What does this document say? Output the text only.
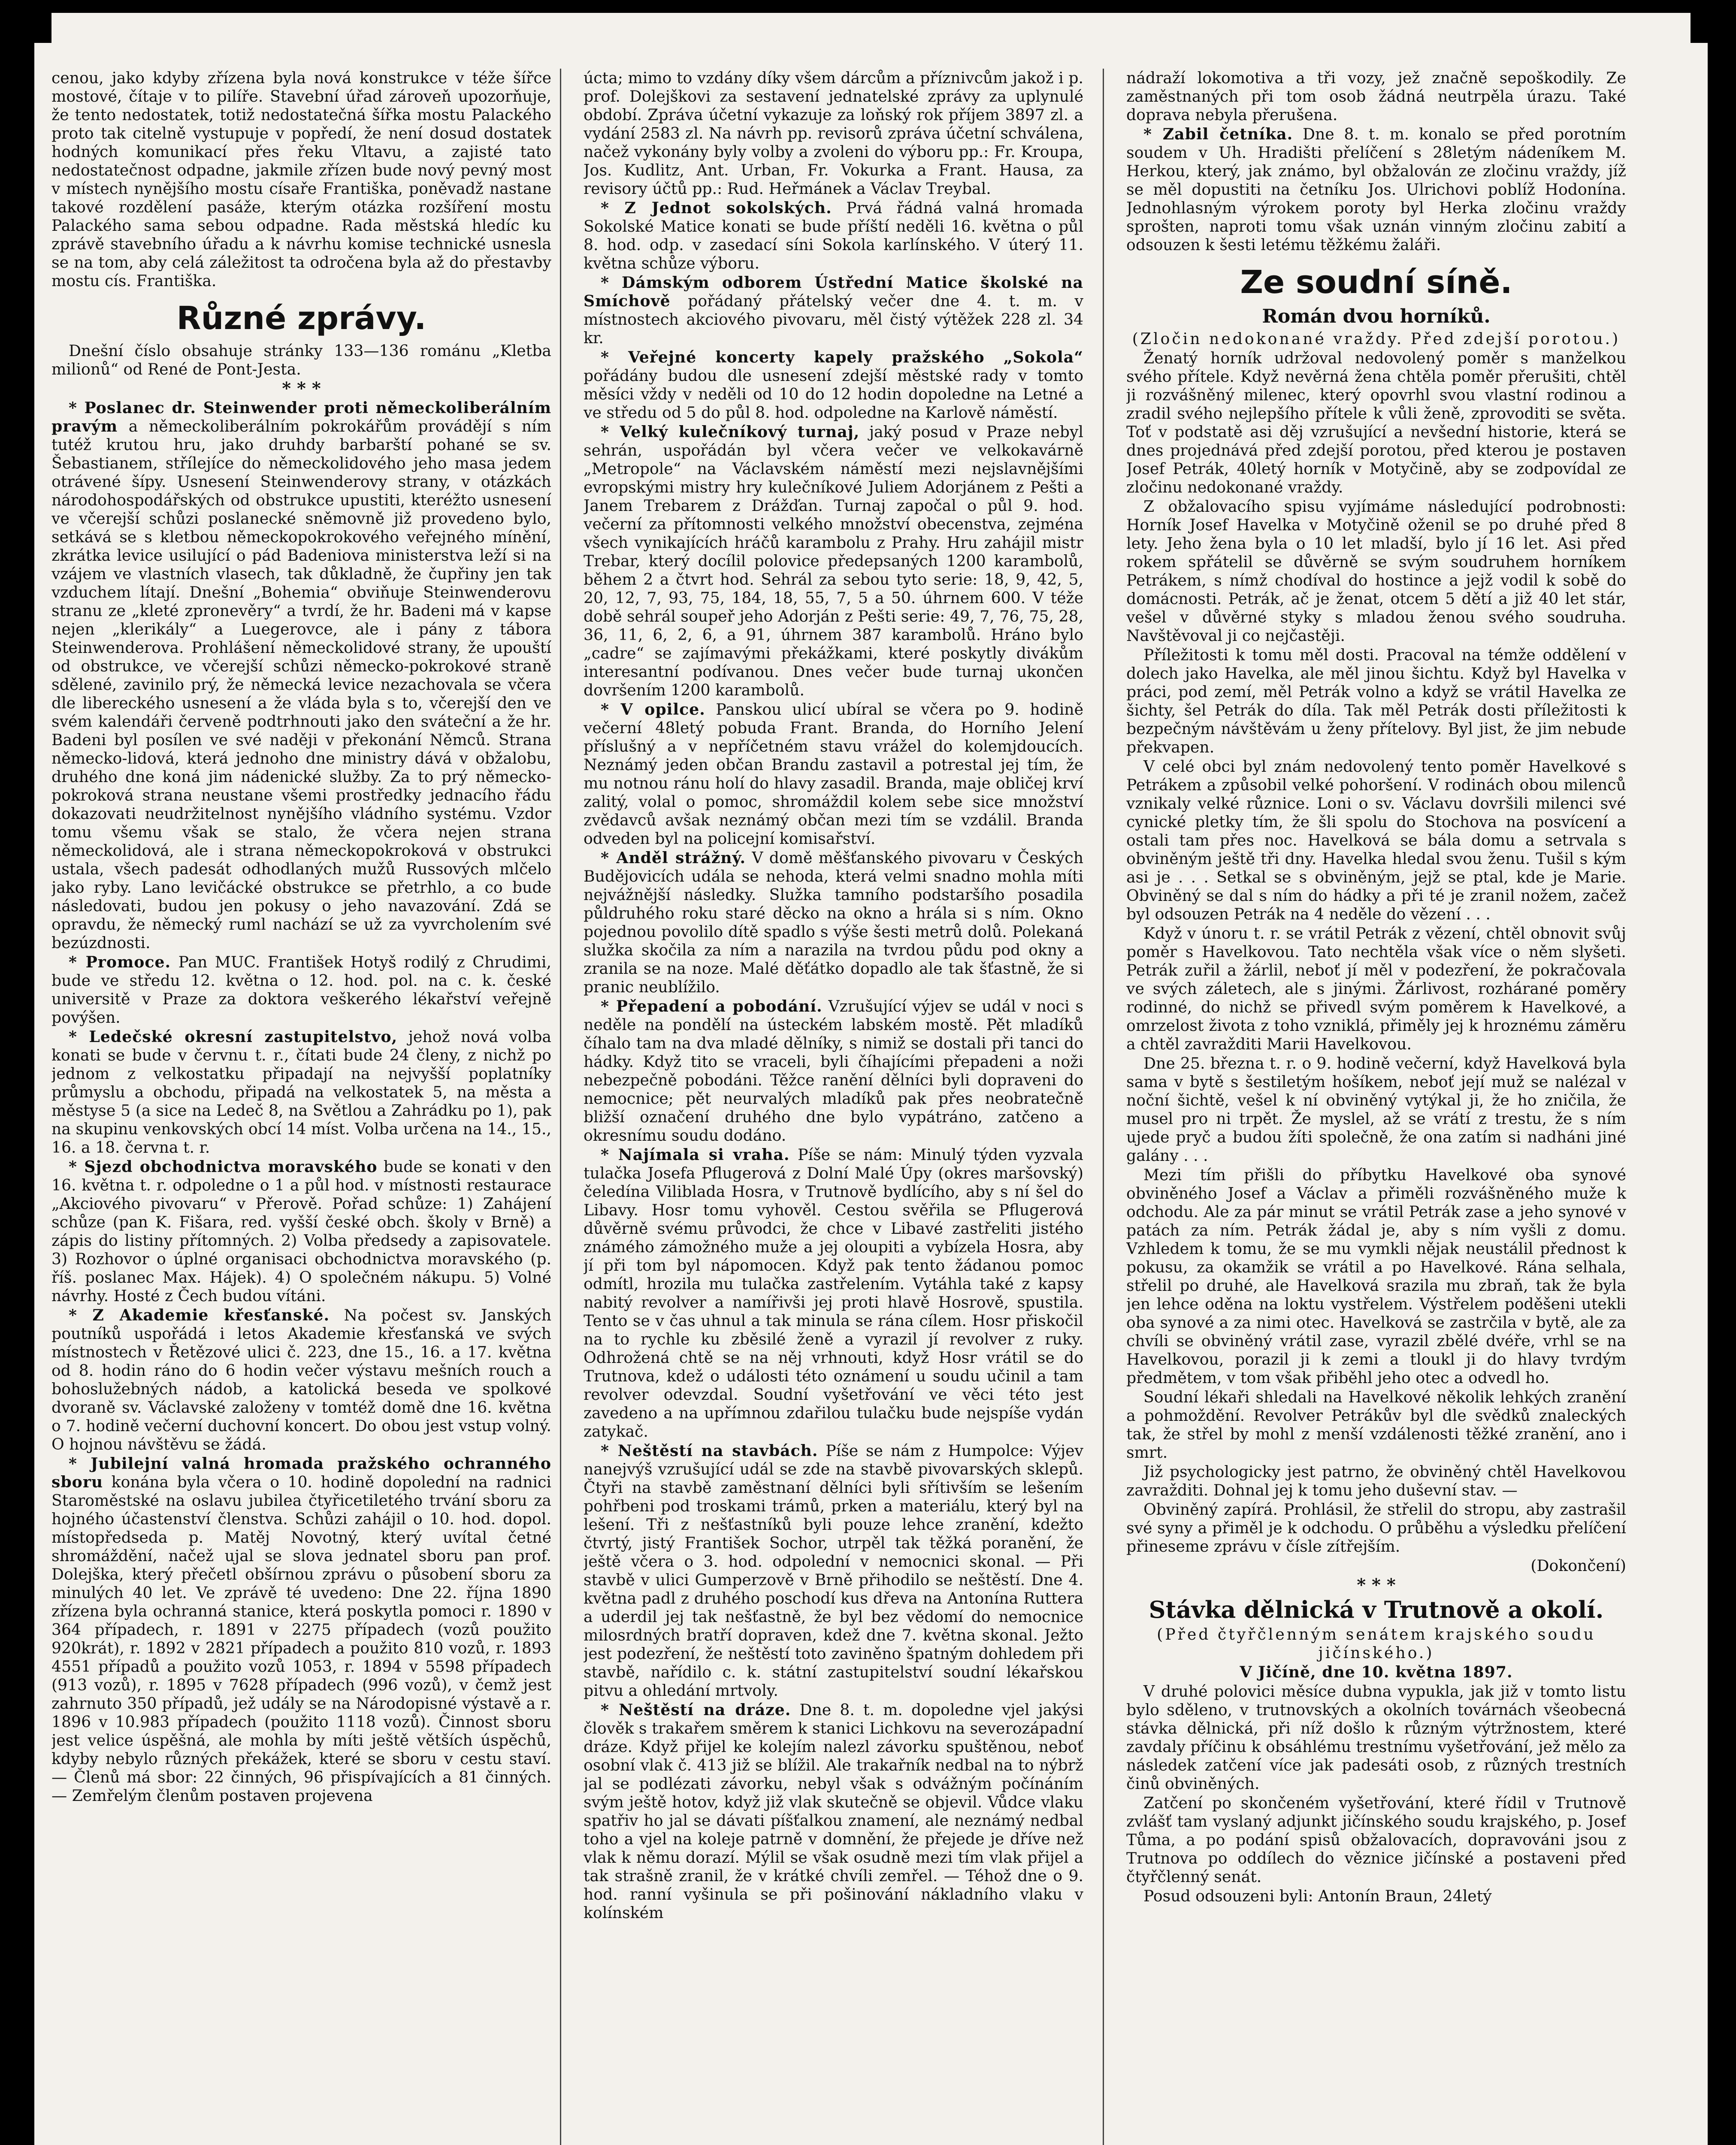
cenou, jako kdyby zřízena byla nová konstrukce v téže šířce mostové, čítaje v to pilíře. Stavební úřad zároveň upozorňuje, že tento nedostatek, totiž nedostatečná šířka mostu Palackého proto tak citelně vystupuje v popředí, že není dosud dostatek hodných komunikací přes řeku Vltavu, a zajisté tato nedostatečnost odpadne, jakmile zřízen bude nový pevný most v místech nynějšího mostu císaře Františka, poněvadž nastane takové rozdělení pasáže, kterým otázka rozšíření mostu Palackého sama sebou odpadne. Rada městská hledíc ku zprávě stavebního úřadu a k návrhu komise technické usnesla se na tom, aby celá záležitost ta odročena byla až do přestavby mostu cís. Františka.

Různé zprávy.

Dnešní číslo obsahuje stránky 133—136 románu „Kletba milionů“ od René de Pont-Jesta.

* * *

* Poslanec dr. Steinwender proti německoliberálním pravým a německoliberálním pokrokářům provádějí s ním tutéž krutou hru, jako druhdy barbarští pohané se sv. Šebastianem, střílejíce do německolidového jeho masa jedem otrávené šípy. Usnesení Steinwenderovy strany, v otázkách národohospodářských od obstrukce upustiti, kteréžto usnesení ve včerejší schůzi poslanecké sněmovně již provedeno bylo, setkává se s kletbou německopokrokového veřejného mínění, zkrátka levice usilující o pád Badeniova ministerstva leží si na vzájem ve vlastních vlasech, tak důkladně, že čupřiny jen tak vzduchem lítají. Dnešní „Bohemia“ obviňuje Steinwenderovu stranu ze „kleté zpronevěry“ a tvrdí, že hr. Badeni má v kapse nejen „klerikály“ a Luegerovce, ale i pány z tábora Steinwenderova. Prohlášení německolidové strany, že upouští od obstrukce, ve včerejší schůzi německo-pokrokové straně sdělené, zavinilo prý, že německá levice nezachovala se včera dle libereckého usnesení a že vláda byla s to, včerejší den ve svém kalendáři červeně podtrhnouti jako den sváteční a že hr. Badeni byl posílen ve své naději v překonání Němců. Strana německo-lidová, která jednoho dne ministry dává v obžalobu, druhého dne koná jim nádenické služby. Za to prý německo-pokroková strana neustane všemi prostředky jednacího řádu dokazovati neudržitelnost nynějšího vládního systému. Vzdor tomu všemu však se stalo, že včera nejen strana německolidová, ale i strana německopokroková v obstrukci ustala, všech padesát odhodlaných mužů Russových mlčelo jako ryby. Lano levičácké obstrukce se přetrhlo, a co bude následovati, budou jen pokusy o jeho navazování. Zdá se opravdu, že německý ruml nachází se už za vyvrcholením své bezúzdnosti.

* Promoce. Pan MUC. František Hotyš rodilý z Chrudimi, bude ve středu 12. května o 12. hod. pol. na c. k. české universitě v Praze za doktora veškerého lékařství veřejně povýšen.

* Ledečské okresní zastupitelstvo, jehož nová volba konati se bude v červnu t. r., čítati bude 24 členy, z nichž po jednom z velkostatku připadají na nejvyšší poplatníky průmyslu a obchodu, připadá na velkostatek 5, na města a městyse 5 (a sice na Ledeč 8, na Světlou a Zahrádku po 1), pak na skupinu venkovských obcí 14 míst. Volba určena na 14., 15., 16. a 18. června t. r.

* Sjezd obchodnictva moravského bude se konati v den 16. května t. r. odpoledne o 1 a půl hod. v místnosti restaurace „Akciového pivovaru“ v Přerově. Pořad schůze: 1) Zahájení schůze (pan K. Fišara, red. vyšší české obch. školy v Brně) a zápis do listiny přítomných. 2) Volba předsedy a zapisovatele. 3) Rozhovor o úplné organisaci obchodnictva moravského (p. říš. poslanec Max. Hájek). 4) O společném nákupu. 5) Volné návrhy. Hosté z Čech budou vítáni.

* Z Akademie křesťanské. Na počest sv. Janských poutníků uspořádá i letos Akademie křesťanská ve svých místnostech v Řetězové ulici č. 223, dne 15., 16. a 17. května od 8. hodin ráno do 6 hodin večer výstavu mešních rouch a bohoslužebných nádob, a katolická beseda ve spolkové dvoraně sv. Václavské založeny v tomtéž domě dne 16. května o 7. hodině večerní duchovní koncert. Do obou jest vstup volný. O hojnou návštěvu se žádá.

* Jubilejní valná hromada pražského ochranného sboru konána byla včera o 10. hodině dopolední na radnici Staroměstské na oslavu jubilea čtyřicetiletého trvání sboru za hojného účastenství členstva. Schůzi zahájil o 10. hod. dopol. místopředseda p. Matěj Novotný, který uvítal četné shromáždění, načež ujal se slova jednatel sboru pan prof. Dolejška, který přečetl obšírnou zprávu o působení sboru za minulých 40 let. Ve zprávě té uvedeno: Dne 22. října 1890 zřízena byla ochranná stanice, která poskytla pomoci r. 1890 v 364 případech, r. 1891 v 2275 případech (vozů použito 920krát), r. 1892 v 2821 případech a použito 810 vozů, r. 1893 4551 případů a použito vozů 1053, r. 1894 v 5598 případech (913 vozů), r. 1895 v 7628 případech (996 vozů), v čemž jest zahrnuto 350 případů, jež udály se na Národopisné výstavě a r. 1896 v 10.983 případech (použito 1118 vozů). Činnost sboru jest velice úspěšná, ale mohla by míti ještě větších úspěchů, kdyby nebylo různých překážek, které se sboru v cestu staví. — Členů má sbor: 22 činných, 96 přispívajících a 81 činných. — Zemřelým členům postaven projevena

úcta; mimo to vzdány díky všem dárcům a příznivcům jakož i p. prof. Dolejškovi za sestavení jednatelské zprávy za uplynulé období. Zpráva účetní vykazuje za loňský rok příjem 3897 zl. a vydání 2583 zl. Na návrh pp. revisorů zpráva účetní schválena, načež vykonány byly volby a zvoleni do výboru pp.: Fr. Kroupa, Jos. Kudlitz, Ant. Urban, Fr. Vokurka a Frant. Hausa, za revisory účtů pp.: Rud. Heřmánek a Václav Treybal.

* Z Jednot sokolských. Prvá řádná valná hromada Sokolské Matice konati se bude příští neděli 16. května o půl 8. hod. odp. v zasedací síni Sokola karlínského. V úterý 11. května schůze výboru.

* Dámským odborem Ústřední Matice školské na Smíchově pořádaný přátelský večer dne 4. t. m. v místnostech akciového pivovaru, měl čistý výtěžek 228 zl. 34 kr.

* Veřejné koncerty kapely pražského „Sokola“ pořádány budou dle usnesení zdejší městské rady v tomto měsíci vždy v neděli od 10 do 12 hodin dopoledne na Letné a ve středu od 5 do půl 8. hod. odpoledne na Karlově náměstí.

* Velký kulečníkový turnaj, jaký posud v Praze nebyl sehrán, uspořádán byl včera večer ve velkokavárně „Metropole“ na Václavském náměstí mezi nejslavnějšími evropskými mistry hry kulečníkové Juliem Adorjánem z Pešti a Janem Trebarem z Drážďan. Turnaj započal o půl 9. hod. večerní za přítomnosti velkého množství obecenstva, zejména všech vynikajících hráčů karambolu z Prahy. Hru zahájil mistr Trebar, který docílil polovice předepsaných 1200 karambolů, během 2 a čtvrt hod. Sehrál za sebou tyto serie: 18, 9, 42, 5, 20, 12, 7, 93, 75, 184, 18, 55, 7, 5 a 50. úhrnem 600. V téže době sehrál soupeř jeho Adorján z Pešti serie: 49, 7, 76, 75, 28, 36, 11, 6, 2, 6, a 91, úhrnem 387 karambolů. Hráno bylo „cadre“ se zajímavými překážkami, které poskytly divákům interesantní podívanou. Dnes večer bude turnaj ukončen dovršením 1200 karambolů.

* V opilce. Panskou ulicí ubíral se včera po 9. hodině večerní 48letý pobuda Frant. Branda, do Horního Jelení příslušný a v nepříčetném stavu vrážel do kolemjdoucích. Neznámý jeden občan Brandu zastavil a potrestal jej tím, že mu notnou ránu holí do hlavy zasadil. Branda, maje obličej krví zalitý, volal o pomoc, shromáždil kolem sebe sice množství zvědavců avšak neznámý občan mezi tím se vzdálil. Branda odveden byl na policejní komisařství.

* Anděl strážný. V domě měšťanského pivovaru v Českých Budějovicích udála se nehoda, která velmi snadno mohla míti nejvážnější následky. Služka tamního podstaršího posadila půldruhého roku staré děcko na okno a hrála si s ním. Okno pojednou povolilo dítě spadlo s výše šesti metrů dolů. Polekaná služka skočila za ním a narazila na tvrdou půdu pod okny a zranila se na noze. Malé děťátko dopadlo ale tak šťastně, že si pranic neublížilo.

* Přepadení a pobodání. Vzrušující výjev se udál v noci s neděle na pondělí na ústeckém labském mostě. Pět mladíků číhalo tam na dva mladé dělníky, s nimiž se dostali při tanci do hádky. Když tito se vraceli, byli číhajícími přepadeni a noži nebezpečně pobodáni. Těžce ranění dělníci byli dopraveni do nemocnice; pět neurvalých mladíků pak přes neobratečně bližší označení druhého dne bylo vypátráno, zatčeno a okresnímu soudu dodáno.

* Najímala si vraha. Píše se nám: Minulý týden vyzvala tulačka Josefa Pflugerová z Dolní Malé Úpy (okres maršovský) čeledína Viliblada Hosra, v Trutnově bydlícího, aby s ní šel do Libavy. Hosr tomu vyhověl. Cestou svěřila se Pflugerová důvěrně svému průvodci, že chce v Libavé zastřeliti jistého známého zámožného muže a jej oloupiti a vybízela Hosra, aby jí při tom byl nápomocen. Když pak tento žádanou pomoc odmítl, hrozila mu tulačka zastřelením. Vytáhla také z kapsy nabitý revolver a namířivši jej proti hlavě Hosrově, spustila. Tento se v čas uhnul a tak minula se rána cílem. Hosr přiskočil na to rychle ku zběsilé ženě a vyrazil jí revolver z ruky. Odhrožená chtě se na něj vrhnouti, když Hosr vrátil se do Trutnova, kdež o události této oznámení u soudu učinil a tam revolver odevzdal. Soudní vyšetřování ve věci této jest zavedeno a na upřímnou zdařilou tulačku bude nejspíše vydán zatykač.

* Neštěstí na stavbách. Píše se nám z Humpolce: Výjev nanejvýš vzrušující udál se zde na stavbě pivovarských sklepů. Čtyři na stavbě zaměstnaní dělníci byli sřítivším se lešením pohřbeni pod troskami trámů, prken a materiálu, který byl na lešení. Tři z nešťastníků byli pouze lehce zranění, kdežto čtvrtý, jistý František Sochor, utrpěl tak těžká poranění, že ještě včera o 3. hod. odpolední v nemocnici skonal. — Při stavbě v ulici Gumperzově v Brně přihodilo se neštěstí. Dne 4. května padl z druhého poschodí kus dřeva na Antonína Ruttera a uderdil jej tak nešťastně, že byl bez vědomí do nemocnice milosrdných bratří dopraven, kdež dne 7. května skonal. Ježto jest podezření, že neštěstí toto zaviněno špatným dohledem při stavbě, nařídilo c. k. státní zastupitelství soudní lékařskou pitvu a ohledání mrtvoly.

* Neštěstí na dráze. Dne 8. t. m. dopoledne vjel jakýsi člověk s trakařem směrem k stanici Lichkovu na severozápadní dráze. Když přijel ke kolejím nalezl závorku spuštěnou, neboť osobní vlak č. 413 již se blížil. Ale trakařník nedbal na to nýbrž jal se podlézati závorku, nebyl však s odvážným počínáním svým ještě hotov, když již vlak skutečně se objevil. Vůdce vlaku spatřiv ho jal se dávati píšťalkou znamení, ale neznámý nedbal toho a vjel na koleje patrně v domnění, že přejede je dříve než vlak k němu dorazí. Mýlil se však osudně mezi tím vlak přijel a tak strašně zranil, že v krátké chvíli zemřel. — Téhož dne o 9. hod. ranní vyšinula se při pošinování nákladního vlaku v kolínském

nádraží lokomotiva a tři vozy, jež značně sepoškodily. Ze zaměstnaných při tom osob žádná neutrpěla úrazu. Také doprava nebyla přerušena.

* Zabil četníka. Dne 8. t. m. konalo se před porotním soudem v Uh. Hradišti přelíčení s 28letým nádeníkem M. Herkou, který, jak známo, byl obžalován ze zločinu vraždy, jíž se měl dopustiti na četníku Jos. Ulrichovi poblíž Hodonína. Jednohlasným výrokem poroty byl Herka zločinu vraždy sprošten, naproti tomu však uznán vinným zločinu zabití a odsouzen k šesti letému těžkému žaláři.

Ze soudní síně.
Román dvou horníků.

(Zločin nedokonané vraždy. Před zdejší porotou.)

Ženatý horník udržoval nedovolený poměr s manželkou svého přítele. Když nevěrná žena chtěla poměr přerušiti, chtěl ji rozvášněný milenec, který opovrhl svou vlastní rodinou a zradil svého nejlepšího přítele k vůli ženě, zprovoditi se světa. Toť v podstatě asi děj vzrušující a nevšední historie, která se dnes projednává před zdejší porotou, před kterou je postaven Josef Petrák, 40letý horník v Motyčině, aby se zodpovídal ze zločinu nedokonané vraždy.

Z obžalovacího spisu vyjímáme následující podrobnosti: Horník Josef Havelka v Motyčině oženil se po druhé před 8 lety. Jeho žena byla o 10 let mladší, bylo jí 16 let. Asi před rokem spřátelil se důvěrně se svým soudruhem horníkem Petrákem, s nímž chodíval do hostince a jejž vodil k sobě do domácnosti. Petrák, ač je ženat, otcem 5 dětí a již 40 let stár, vešel v důvěrné styky s mladou ženou svého soudruha. Navštěvoval ji co nejčastěji.

Příležitosti k tomu měl dosti. Pracoval na témže oddělení v dolech jako Havelka, ale měl jinou šichtu. Když byl Havelka v práci, pod zemí, měl Petrák volno a když se vrátil Havelka ze šichty, šel Petrák do díla. Tak měl Petrák dosti příležitosti k bezpečným návštěvám u ženy přítelovy. Byl jist, že jim nebude překvapen.

V celé obci byl znám nedovolený tento poměr Havelkové s Petrákem a způsobil velké pohoršení. V rodinách obou milenců vznikaly velké různice. Loni o sv. Václavu dovršili milenci své cynické pletky tím, že šli spolu do Stochova na posvícení a ostali tam přes noc. Havelková se bála domu a setrvala s obviněným ještě tři dny. Havelka hledal svou ženu. Tušil s kým asi je . . . Setkal se s obviněným, jejž se ptal, kde je Marie. Obviněný se dal s ním do hádky a při té je zranil nožem, začež byl odsouzen Petrák na 4 neděle do vězení . . .

Když v únoru t. r. se vrátil Petrák z vězení, chtěl obnovit svůj poměr s Havelkovou. Tato nechtěla však více o něm slyšeti. Petrák zuřil a žárlil, neboť jí měl v podezření, že pokračovala ve svých záletech, ale s jinými. Žárlivost, rozhárané poměry rodinné, do nichž se přivedl svým poměrem k Havelkové, a omrzelost života z toho vzniklá, přiměly jej k hroznému záměru a chtěl zavražditi Marii Havelkovou.

Dne 25. března t. r. o 9. hodině večerní, když Havelková byla sama v bytě s šestiletým hošíkem, neboť její muž se nalézal v noční šichtě, vešel k ní obviněný vytýkal ji, že ho zničila, že musel pro ni trpět. Že myslel, až se vrátí z trestu, že s ním ujede pryč a budou žíti společně, že ona zatím si nadháni jiné galány . . .

Mezi tím přišli do příbytku Havelkové oba synové obviněného Josef a Václav a přiměli rozvášněného muže k odchodu. Ale za pár minut se vrátil Petrák zase a jeho synové v patách za ním. Petrák žádal je, aby s ním vyšli z domu. Vzhledem k tomu, že se mu vymkli nějak neustálil přednost k pokusu, za okamžik se vrátil a po Havelkové. Rána selhala, střelil po druhé, ale Havelková srazila mu zbraň, tak že byla jen lehce oděna na loktu vystřelem. Výstřelem poděšeni utekli oba synové a za nimi otec. Havelková se zastrčila v bytě, ale za chvíli se obviněný vrátil zase, vyrazil zbělé dvéře, vrhl se na Havelkovou, porazil ji k zemi a tloukl ji do hlavy tvrdým předmětem, v tom však přiběhl jeho otec a odvedl ho.

Soudní lékaři shledali na Havelkové několik lehkých zranění a pohmoždění. Revolver Petrákův byl dle svědků znaleckých tak, že střel by mohl z menší vzdálenosti těžké zranění, ano i smrt.

Již psychologicky jest patrno, že obviněný chtěl Havelkovou zavražditi. Dohnal jej k tomu jeho duševní stav. —

Obviněný zapírá. Prohlásil, že střelil do stropu, aby zastrašil své syny a přiměl je k odchodu. O průběhu a výsledku přelíčení přineseme zprávu v čísle zítřejším.

(Dokončení)

* * *
Stávka dělnická v Trutnově a okolí.

(Před čtyřčlenným senátem krajského soudu jičínského.)

V Jičíně, dne 10. května 1897.

V druhé polovici měsíce dubna vypukla, jak již v tomto listu bylo sděleno, v trutnovských a okolních továrnách všeobecná stávka dělnická, při níž došlo k různým výtržnostem, které zavdaly příčinu k obsáhlému trestnímu vyšetřování, jež mělo za následek zatčení více jak padesáti osob, z různých trestních činů obviněných.

Zatčení po skončeném vyšetřování, které řídil v Trutnově zvlášť tam vyslaný adjunkt jičínského soudu krajského, p. Josef Tůma, a po podání spisů obžalovacích, dopravováni jsou z Trutnova po oddílech do věznice jičínské a postaveni před čtyřčlenný senát.

Posud odsouzeni byli: Antonín Braun, 24letý
